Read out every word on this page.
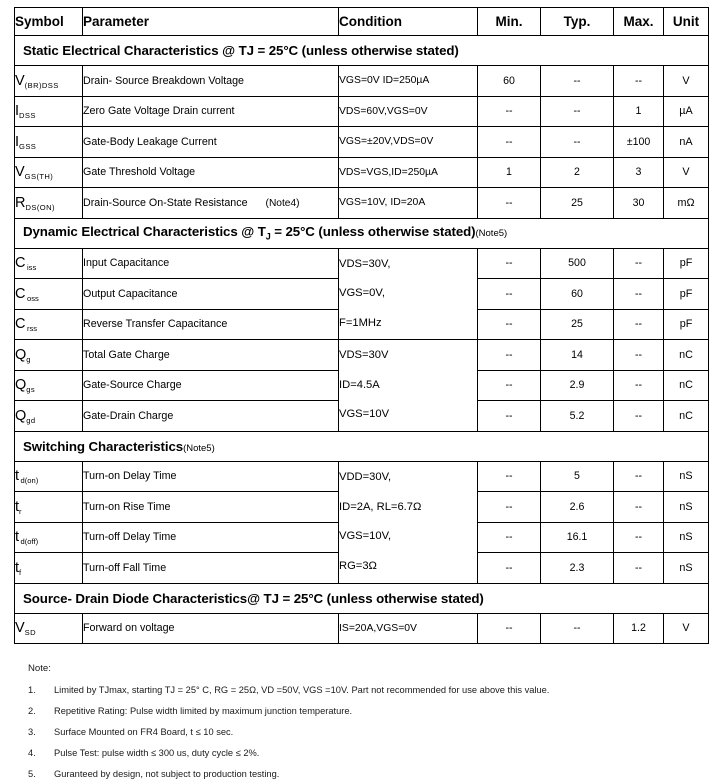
Symbol	Parameter	Condition	Min.	Typ.	Max.	Unit
Static Electrical Characteristics @ TJ = 25°C (unless otherwise stated)						
$V_{(BR)DSS}$	Drain- Source Breakdown Voltage	VGS=0V ID=250µA	60	--	--	V
$I_{DSS}$	Zero Gate Voltage Drain current	VDS=60V,VGS=0V	--	--	1	µA
$I_{GSS}$	Gate-Body Leakage Current	VGS=±20V,VDS=0V	--	--	±100	nA
$V_{GS(TH)}$	Gate Threshold Voltage	VDS=VGS,ID=250µA	1	2	3	V
$R_{DS(ON)}$	Drain-Source On-State Resistance (Note4)	VGS=10V, ID=20A	--	25	30	mΩ
Dynamic Electrical Characteristics @ $T_J = 25^\circ C$ (unless otherwise stated)(Note5)						
C $_{iss}$	Input Capacitance	VDS=30V,
VGS=0V,
F=1MHz	--	500	--	pF
C $_{oss}$	Output Capacitance		--	60	--	pF
C $_{rss}$	Reverse Transfer Capacitance		--	25	--	pF
$Q_g$	Total Gate Charge	VDS=30V
ID=4.5A
VGS=10V	--	14	--	nC
$Q_{gs}$	Gate-Source Charge		--	2.9	--	nC
$Q_{gd}$	Gate-Drain Charge		--	5.2	--	nC
Switching Characteristics(Note5)						
t $_{d(on)}$	Turn-on Delay Time	VDD=30V,
ID=2A, RL=6.7Ω
VGS=10V,
RG=3Ω	--	5	--	nS
$t_r$	Turn-on Rise Time		--	2.6	--	nS
t $_{d(off)}$	Turn-off Delay Time		--	16.1	--	nS
$t_f$	Turn-off Fall Time		--	2.3	--	nS
Source- Drain Diode Characteristics@ TJ = 25°C (unless otherwise stated)						
$V_{SD}$	Forward on voltage	IS=20A,VGS=0V	--	--	1.2	V
Note:
1.	Limited by TJmax, starting TJ = 25° C, RG = 25Ω, VD =50V, VGS =10V. Part not recommended for use above this value.
2.	Repetitive Rating: Pulse width limited by maximum junction temperature.
3.	Surface Mounted on FR4 Board, t ≤ 10 sec.
4.	Pulse Test: pulse width ≤ 300 us, duty cycle ≤ 2%.
5.	Guranteed by design, not subject to production testing.
